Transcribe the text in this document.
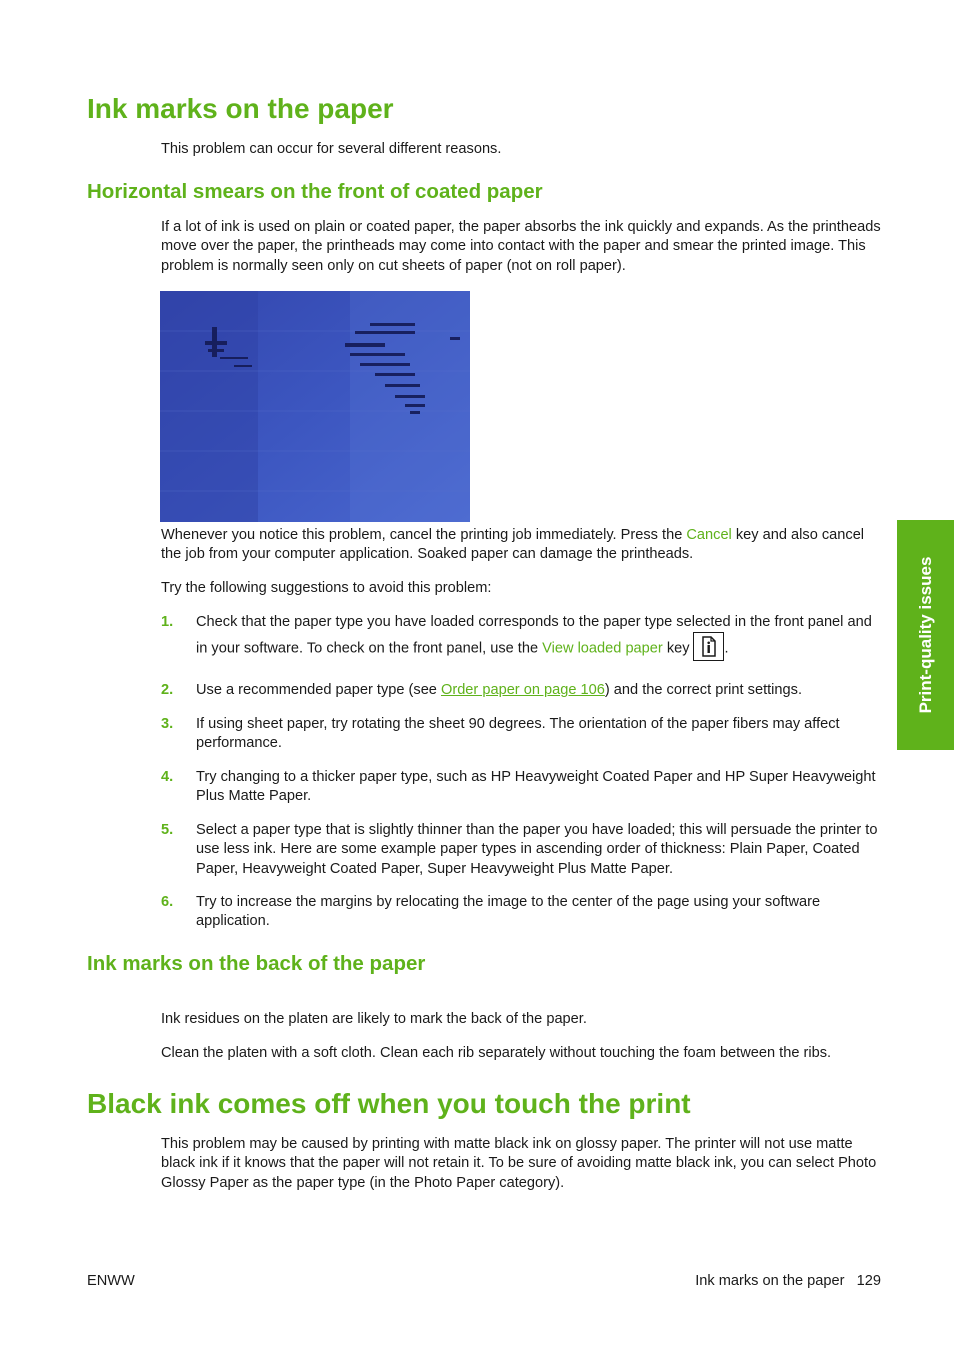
Ink marks on the paper

This problem can occur for several different reasons.

Horizontal smears on the front of coated paper

If a lot of ink is used on plain or coated paper, the paper absorbs the ink quickly and expands. As the printheads move over the paper, the printheads may come into contact with the paper and smear the printed image. This problem is normally seen only on cut sheets of paper (not on roll paper).

Whenever you notice this problem, cancel the printing job immediately. Press the Cancel key and also cancel the job from your computer application. Soaked paper can damage the printheads.

Try the following suggestions to avoid this problem:

1. Check that the paper type you have loaded corresponds to the paper type selected in the front panel and in your software. To check on the front panel, use the View loaded paper key .
2. Use a recommended paper type (see Order paper on page 106) and the correct print settings.
3. If using sheet paper, try rotating the sheet 90 degrees. The orientation of the paper fibers may affect performance.
4. Try changing to a thicker paper type, such as HP Heavyweight Coated Paper and HP Super Heavyweight Plus Matte Paper.
5. Select a paper type that is slightly thinner than the paper you have loaded; this will persuade the printer to use less ink. Here are some example paper types in ascending order of thickness: Plain Paper, Coated Paper, Heavyweight Coated Paper, Super Heavyweight Plus Matte Paper.
6. Try to increase the margins by relocating the image to the center of the page using your software application.
Ink marks on the back of the paper

Ink residues on the platen are likely to mark the back of the paper.

Clean the platen with a soft cloth. Clean each rib separately without touching the foam between the ribs.

Black ink comes off when you touch the print

This problem may be caused by printing with matte black ink on glossy paper. The printer will not use matte black ink if it knows that the paper will not retain it. To be sure of avoiding matte black ink, you can select Photo Glossy Paper as the paper type (in the Photo Paper category).

Print-quality issues
ENWW	Ink marks on the paper 129
